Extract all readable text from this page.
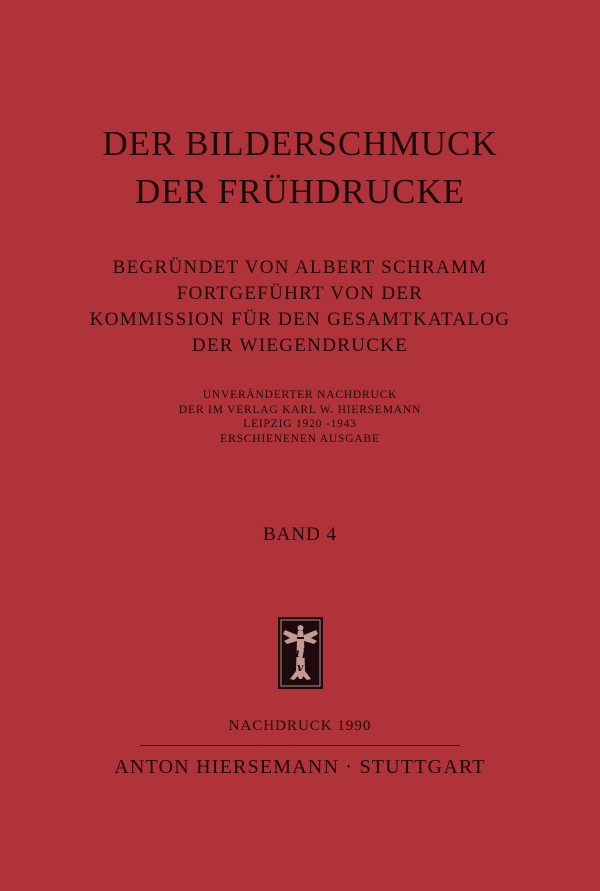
DER BILDERSCHMUCK
DER FRÜHDRUCKE
BEGRÜNDET VON ALBERT SCHRAMM
FORTGEFÜHRT VON DER
KOMMISSION FÜR DEN GESAMTKATALOG
DER WIEGENDRUCKE
UNVERÄNDERTER NACHDRUCK
DER IM VERLAG KARL W. HIERSEMANN
LEIPZIG 1920 -1943
ERSCHIENENEN AUSGABE
BAND 4
a h
v
NACHDRUCK 1990
ANTON HIERSEMANN · STUTTGART
